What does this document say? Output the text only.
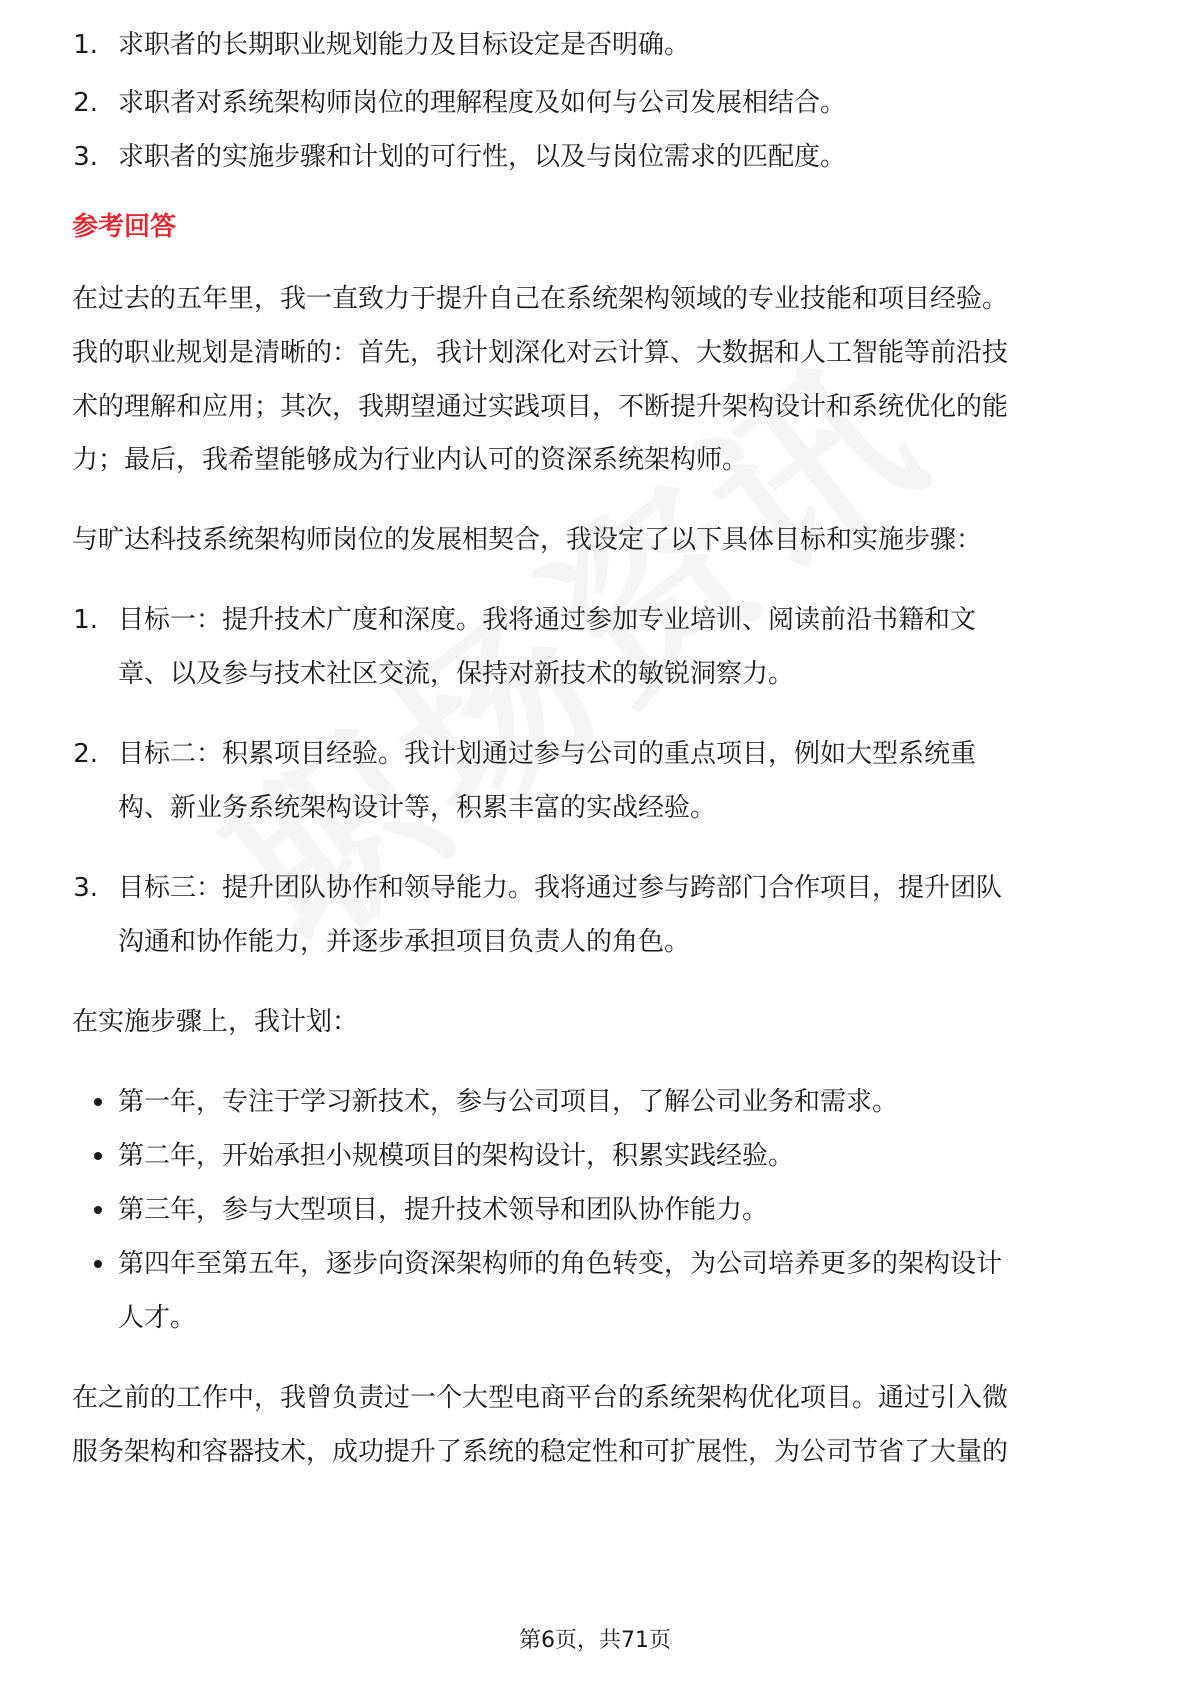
1. 求职者的长期职业规划能力及目标设定是否明确。
2. 求职者对系统架构师岗位的理解程度及如何与公司发展相结合。
3. 求职者的实施步骤和计划的可行性，以及与岗位需求的匹配度。
参考回答
在过去的五年里，我一直致力于提升自己在系统架构领域的专业技能和项目经验。
我的职业规划是清晰的：首先，我计划深化对云计算、大数据和人工智能等前沿技
术的理解和应用；其次，我期望通过实践项目，不断提升架构设计和系统优化的能
力；最后，我希望能够成为行业内认可的资深系统架构师。
与旷达科技系统架构师岗位的发展相契合，我设定了以下具体目标和实施步骤：
1. 目标一：提升技术广度和深度。我将通过参加专业培训、阅读前沿书籍和文
章、以及参与技术社区交流，保持对新技术的敏锐洞察力。
2. 目标二：积累项目经验。我计划通过参与公司的重点项目，例如大型系统重
构、新业务系统架构设计等，积累丰富的实战经验。
3. 目标三：提升团队协作和领导能力。我将通过参与跨部门合作项目，提升团队
沟通和协作能力，并逐步承担项目负责人的角色。
在实施步骤上，我计划：
第一年，专注于学习新技术，参与公司项目，了解公司业务和需求。
第二年，开始承担小规模项目的架构设计，积累实践经验。
第三年，参与大型项目，提升技术领导和团队协作能力。
第四年至第五年，逐步向资深架构师的角色转变，为公司培养更多的架构设计
人才。
在之前的工作中，我曾负责过一个大型电商平台的系统架构优化项目。通过引入微
服务架构和容器技术，成功提升了系统的稳定性和可扩展性，为公司节省了大量的
第6页，共71页
